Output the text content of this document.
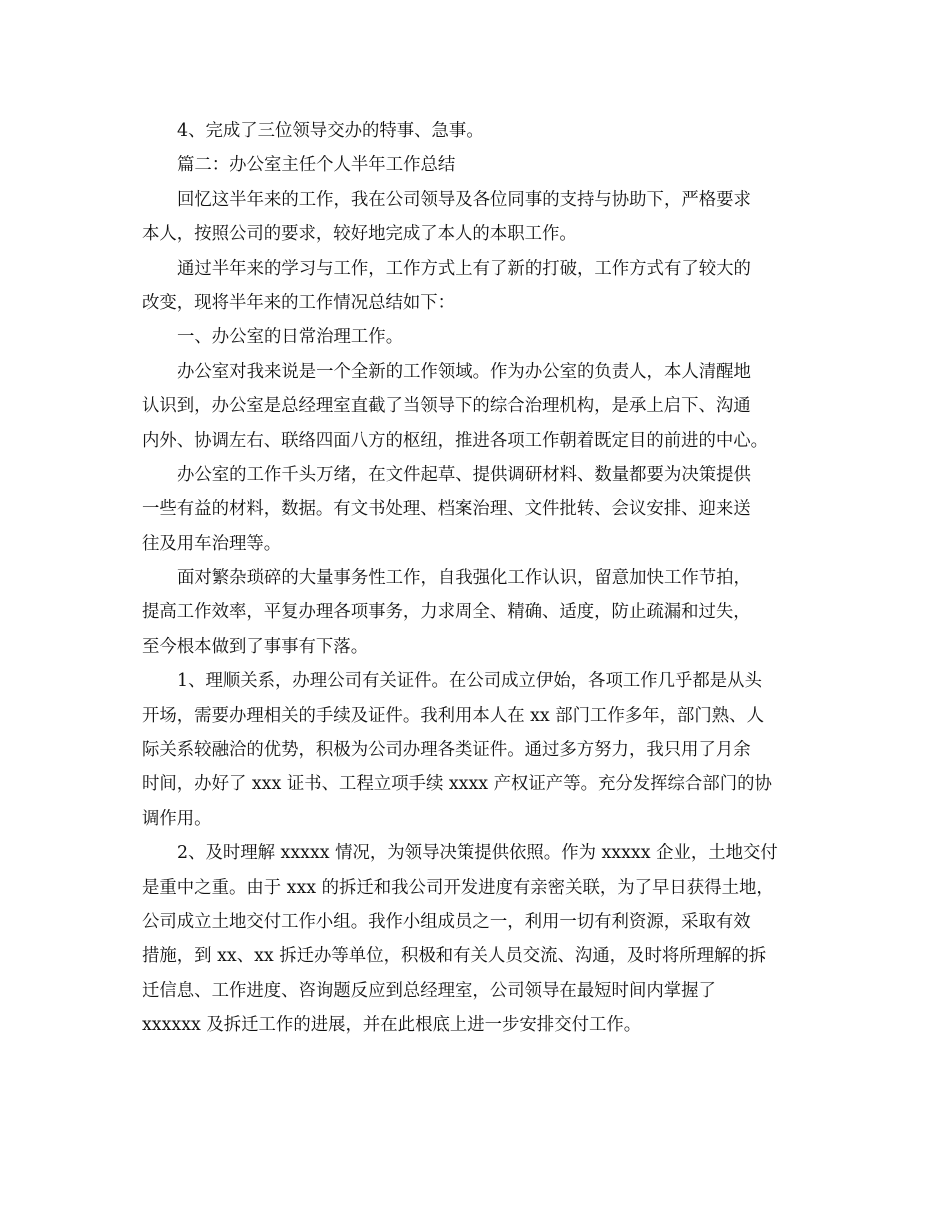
4、完成了三位领导交办的特事、急事。
篇二：办公室主任个人半年工作总结
回忆这半年来的工作，我在公司领导及各位同事的支持与协助下，严格要求
本人，按照公司的要求，较好地完成了本人的本职工作。
通过半年来的学习与工作，工作方式上有了新的打破，工作方式有了较大的
改变，现将半年来的工作情况总结如下：
一、办公室的日常治理工作。
办公室对我来说是一个全新的工作领域。作为办公室的负责人，本人清醒地
认识到，办公室是总经理室直截了当领导下的综合治理机构，是承上启下、沟通
内外、协调左右、联络四面八方的枢纽，推进各项工作朝着既定目的前进的中心。
办公室的工作千头万绪，在文件起草、提供调研材料、数量都要为决策提供
一些有益的材料，数据。有文书处理、档案治理、文件批转、会议安排、迎来送
往及用车治理等。
面对繁杂琐碎的大量事务性工作，自我强化工作认识，留意加快工作节拍，
提高工作效率，平复办理各项事务，力求周全、精确、适度，防止疏漏和过失，
至今根本做到了事事有下落。
1、理顺关系，办理公司有关证件。在公司成立伊始，各项工作几乎都是从头
开场，需要办理相关的手续及证件。我利用本人在 xx 部门工作多年，部门熟、人
际关系较融洽的优势，积极为公司办理各类证件。通过多方努力，我只用了月余
时间，办好了 xxx 证书、工程立项手续 xxxx 产权证产等。充分发挥综合部门的协
调作用。
2、及时理解 xxxxx 情况，为领导决策提供依照。作为 xxxxx 企业，土地交付
是重中之重。由于 xxx 的拆迁和我公司开发进度有亲密关联，为了早日获得土地，
公司成立土地交付工作小组。我作小组成员之一，利用一切有利资源，采取有效
措施，到 xx、xx 拆迁办等单位，积极和有关人员交流、沟通，及时将所理解的拆
迁信息、工作进度、咨询题反应到总经理室，公司领导在最短时间内掌握了
xxxxxx 及拆迁工作的进展，并在此根底上进一步安排交付工作。
